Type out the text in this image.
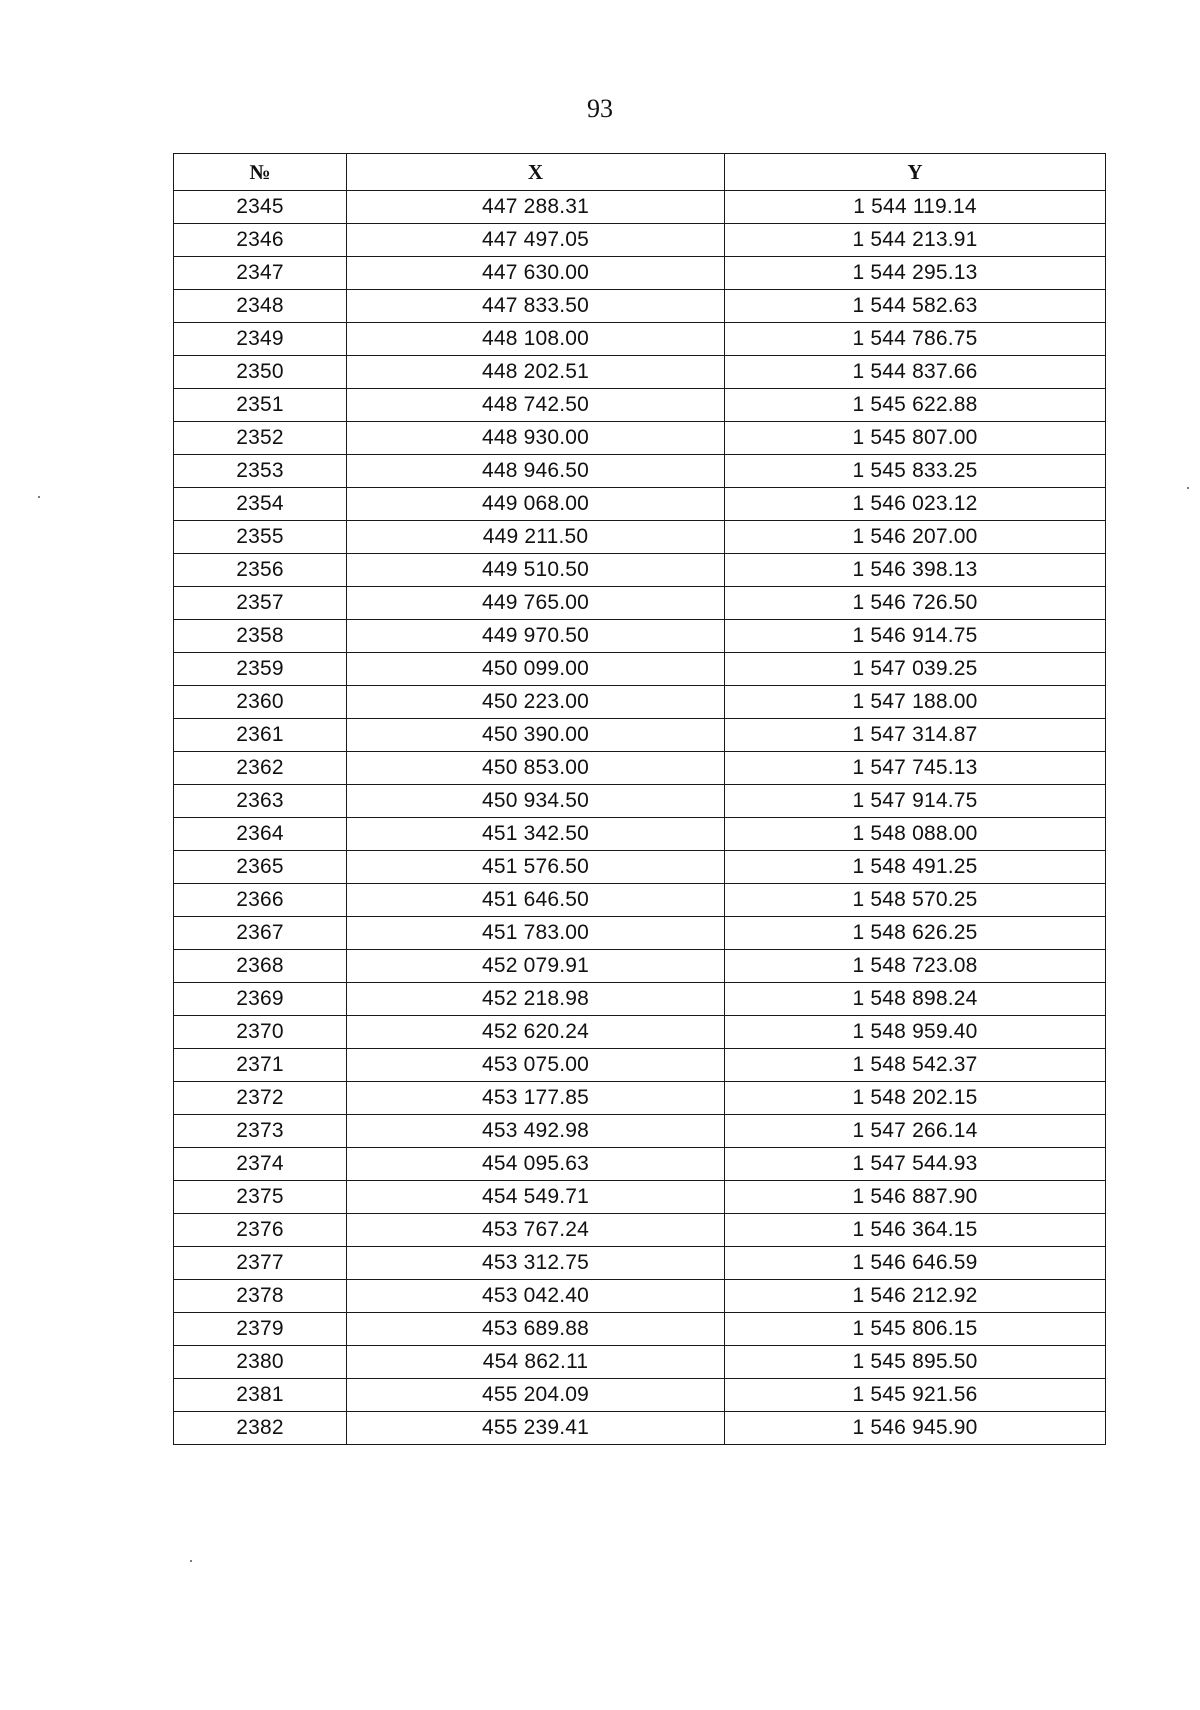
93
№	X	Y
2345	447 288.31	1 544 119.14
2346	447 497.05	1 544 213.91
2347	447 630.00	1 544 295.13
2348	447 833.50	1 544 582.63
2349	448 108.00	1 544 786.75
2350	448 202.51	1 544 837.66
2351	448 742.50	1 545 622.88
2352	448 930.00	1 545 807.00
2353	448 946.50	1 545 833.25
2354	449 068.00	1 546 023.12
2355	449 211.50	1 546 207.00
2356	449 510.50	1 546 398.13
2357	449 765.00	1 546 726.50
2358	449 970.50	1 546 914.75
2359	450 099.00	1 547 039.25
2360	450 223.00	1 547 188.00
2361	450 390.00	1 547 314.87
2362	450 853.00	1 547 745.13
2363	450 934.50	1 547 914.75
2364	451 342.50	1 548 088.00
2365	451 576.50	1 548 491.25
2366	451 646.50	1 548 570.25
2367	451 783.00	1 548 626.25
2368	452 079.91	1 548 723.08
2369	452 218.98	1 548 898.24
2370	452 620.24	1 548 959.40
2371	453 075.00	1 548 542.37
2372	453 177.85	1 548 202.15
2373	453 492.98	1 547 266.14
2374	454 095.63	1 547 544.93
2375	454 549.71	1 546 887.90
2376	453 767.24	1 546 364.15
2377	453 312.75	1 546 646.59
2378	453 042.40	1 546 212.92
2379	453 689.88	1 545 806.15
2380	454 862.11	1 545 895.50
2381	455 204.09	1 545 921.56
2382	455 239.41	1 546 945.90
